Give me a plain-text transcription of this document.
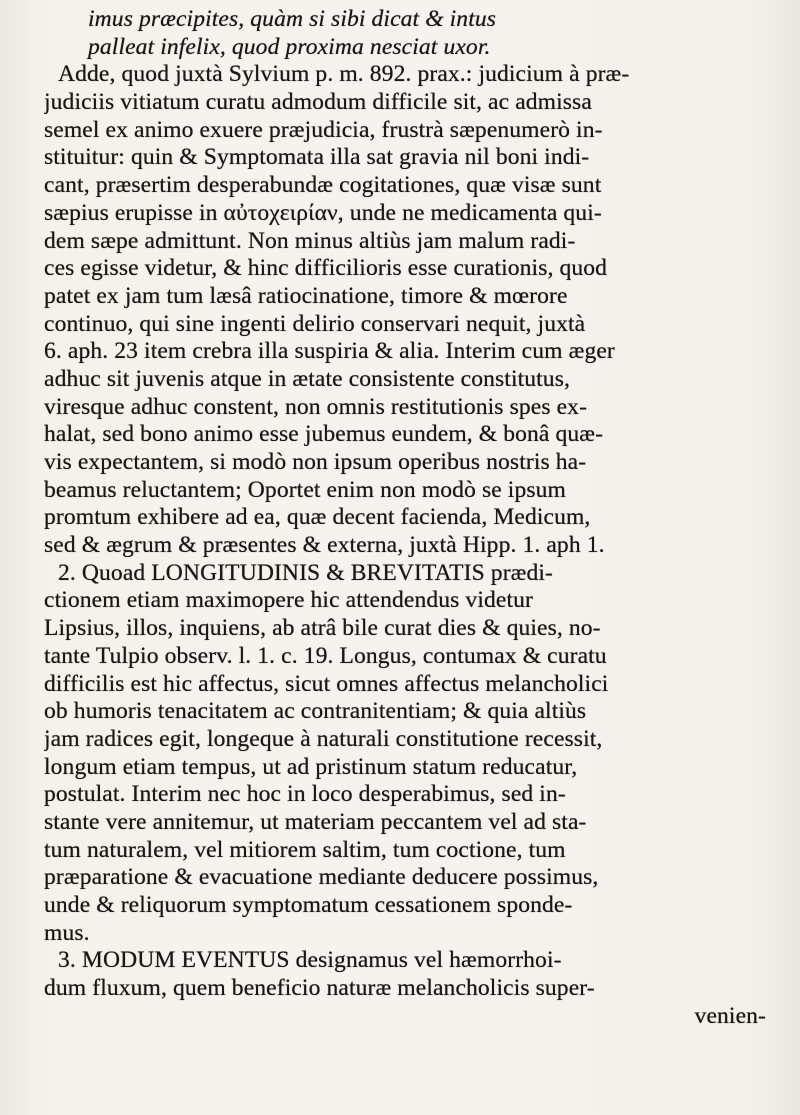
imus præcipites, quàm si sibi dicat & intus
palleat infelix, quod proxima nesciat uxor.
Adde, quod juxtà Sylvium p. m. 892. prax.: judicium à præ-
judiciis vitiatum curatu admodum difficile sit, ac admissa
semel ex animo exuere præjudicia, frustrà sæpenumerò in-
stituitur: quin & Symptomata illa sat gravia nil boni indi-
cant, præsertim desperabundæ cogitationes, quæ visæ sunt
sæpius erupisse in αὐτοχειρίαν, unde ne medicamenta qui-
dem sæpe admittunt. Non minus altiùs jam malum radi-
ces egisse videtur, & hinc difficilioris esse curationis, quod
patet ex jam tum læsâ ratiocinatione, timore & mœrore
continuo, qui sine ingenti delirio conservari nequit, juxtà
6. aph. 23 item crebra illa suspiria & alia. Interim cum æger
adhuc sit juvenis atque in ætate consistente constitutus,
viresque adhuc constent, non omnis restitutionis spes ex-
halat, sed bono animo esse jubemus eundem, & bonâ quæ-
vis expectantem, si modò non ipsum operibus nostris ha-
beamus reluctantem; Oportet enim non modò se ipsum
promtum exhibere ad ea, quæ decent facienda, Medicum,
sed & ægrum & præsentes & externa, juxtà Hipp. 1. aph 1.
2. Quoad LONGITUDINIS & BREVITATIS prædi-
ctionem etiam maximopere hic attendendus videtur
Lipsius, illos, inquiens, ab atrâ bile curat dies & quies, no-
tante Tulpio observ. l. 1. c. 19. Longus, contumax & curatu
difficilis est hic affectus, sicut omnes affectus melancholici
ob humoris tenacitatem ac contranitentiam; & quia altiùs
jam radices egit, longeque à naturali constitutione recessit,
longum etiam tempus, ut ad pristinum statum reducatur,
postulat. Interim nec hoc in loco desperabimus, sed in-
stante vere annitemur, ut materiam peccantem vel ad sta-
tum naturalem, vel mitiorem saltim, tum coctione, tum
præparatione & evacuatione mediante deducere possimus,
unde & reliquorum symptomatum cessationem sponde-
mus.
3. MODUM EVENTUS designamus vel hæmorrhoi-
dum fluxum, quem beneficio naturæ melancholicis super-
venien-
